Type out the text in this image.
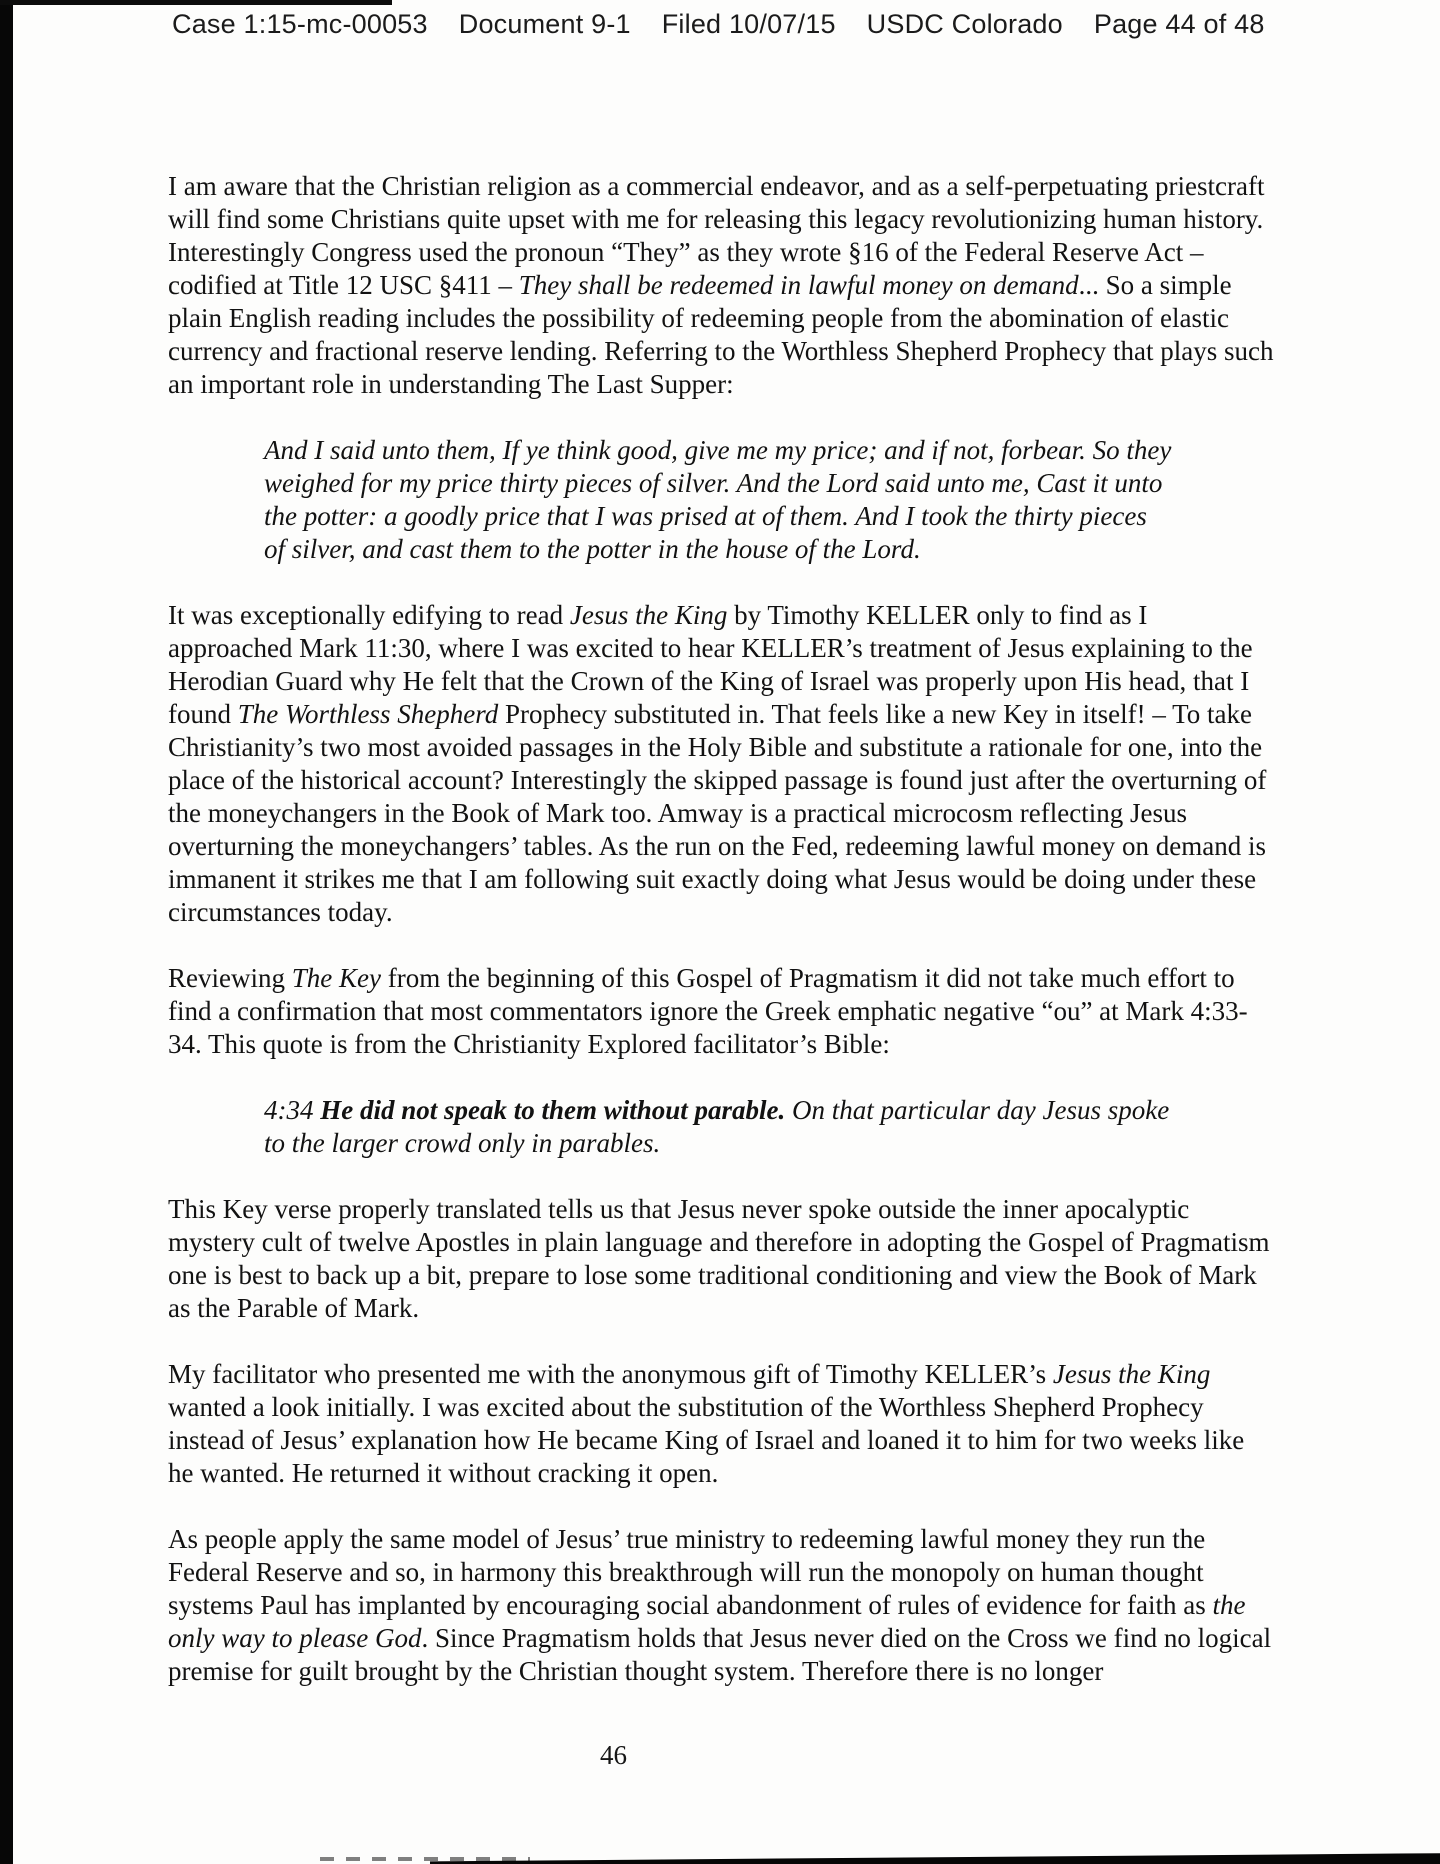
Case 1:15-mc-00053 Document 9-1 Filed 10/07/15 USDC Colorado Page 44 of 48

I am aware that the Christian religion as a commercial endeavor, and as a self-perpetuating priestcraft will find some Christians quite upset with me for releasing this legacy revolutionizing human history. Interestingly Congress used the pronoun “They” as they wrote §16 of the Federal Reserve Act – codified at Title 12 USC §411 – They shall be redeemed in lawful money on demand... So a simple plain English reading includes the possibility of redeeming people from the abomination of elastic currency and fractional reserve lending. Referring to the Worthless Shepherd Prophecy that plays such an important role in understanding The Last Supper:

And I said unto them, If ye think good, give me my price; and if not, forbear. So they weighed for my price thirty pieces of silver. And the Lord said unto me, Cast it unto the potter: a goodly price that I was prised at of them. And I took the thirty pieces of silver, and cast them to the potter in the house of the Lord.

It was exceptionally edifying to read Jesus the King by Timothy KELLER only to find as I approached Mark 11:30, where I was excited to hear KELLER’s treatment of Jesus explaining to the Herodian Guard why He felt that the Crown of the King of Israel was properly upon His head, that I found The Worthless Shepherd Prophecy substituted in. That feels like a new Key in itself! – To take Christianity’s two most avoided passages in the Holy Bible and substitute a rationale for one, into the place of the historical account? Interestingly the skipped passage is found just after the overturning of the moneychangers in the Book of Mark too. Amway is a practical microcosm reflecting Jesus overturning the moneychangers’ tables. As the run on the Fed, redeeming lawful money on demand is immanent it strikes me that I am following suit exactly doing what Jesus would be doing under these circumstances today.

Reviewing The Key from the beginning of this Gospel of Pragmatism it did not take much effort to find a confirmation that most commentators ignore the Greek emphatic negative “ou” at Mark 4:33-34. This quote is from the Christianity Explored facilitator’s Bible:

4:34 He did not speak to them without parable. On that particular day Jesus spoke to the larger crowd only in parables.

This Key verse properly translated tells us that Jesus never spoke outside the inner apocalyptic mystery cult of twelve Apostles in plain language and therefore in adopting the Gospel of Pragmatism one is best to back up a bit, prepare to lose some traditional conditioning and view the Book of Mark as the Parable of Mark.

My facilitator who presented me with the anonymous gift of Timothy KELLER’s Jesus the King wanted a look initially. I was excited about the substitution of the Worthless Shepherd Prophecy instead of Jesus’ explanation how He became King of Israel and loaned it to him for two weeks like he wanted. He returned it without cracking it open.

As people apply the same model of Jesus’ true ministry to redeeming lawful money they run the Federal Reserve and so, in harmony this breakthrough will run the monopoly on human thought systems Paul has implanted by encouraging social abandonment of rules of evidence for faith as the only way to please God. Since Pragmatism holds that Jesus never died on the Cross we find no logical premise for guilt brought by the Christian thought system. Therefore there is no longer

46
